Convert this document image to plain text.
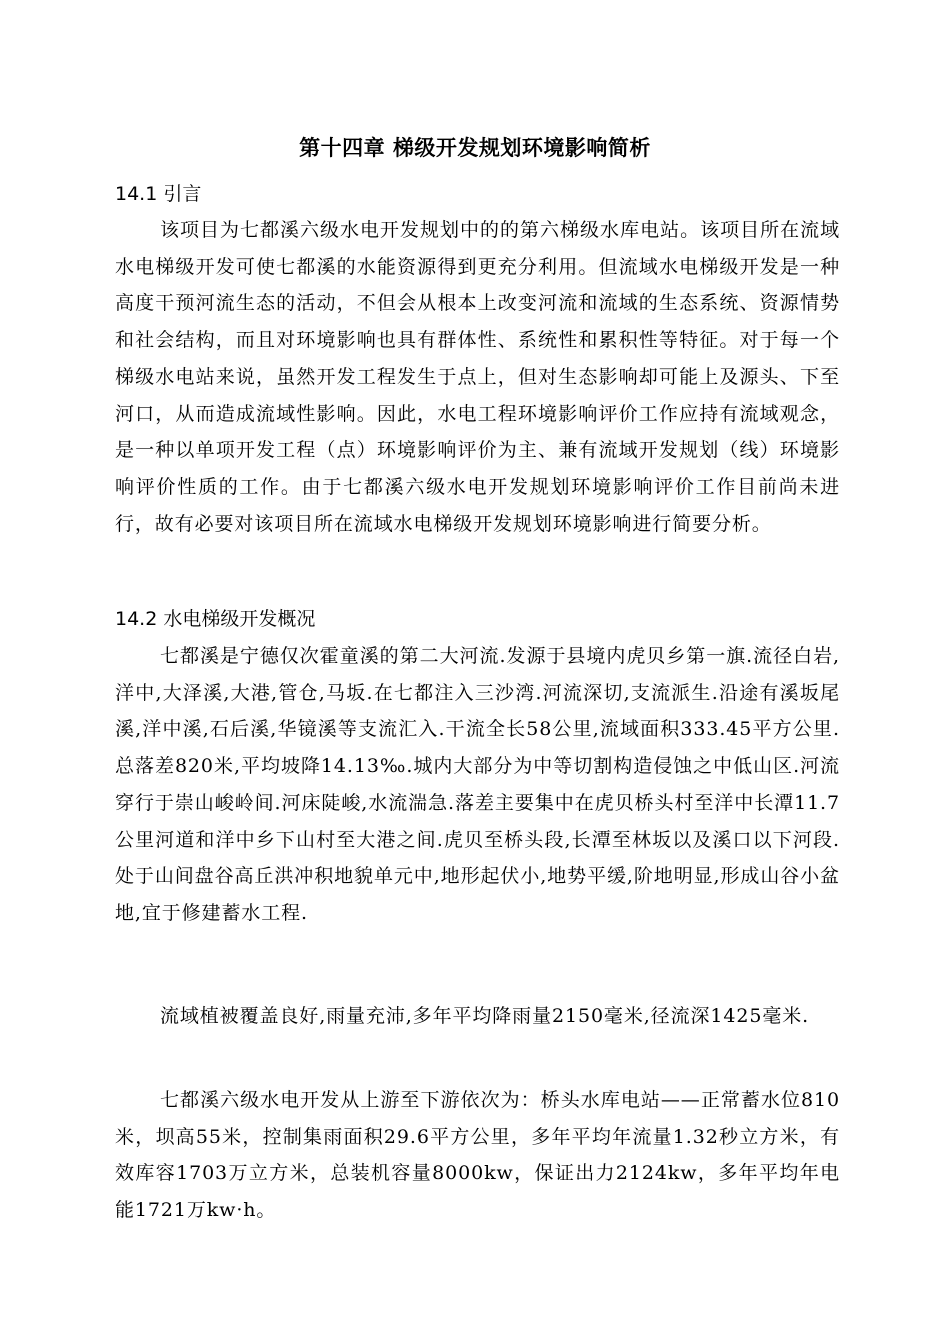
第十四章 梯级开发规划环境影响简析
14.1 引言

该项目为七都溪六级水电开发规划中的的第六梯级水库电站。该项目所在流域水电梯级开发可使七都溪的水能资源得到更充分利用。但流域水电梯级开发是一种高度干预河流生态的活动，不但会从根本上改变河流和流域的生态系统、资源情势和社会结构，而且对环境影响也具有群体性、系统性和累积性等特征。对于每一个梯级水电站来说，虽然开发工程发生于点上，但对生态影响却可能上及源头、下至河口，从而造成流域性影响。因此，水电工程环境影响评价工作应持有流域观念，是一种以单项开发工程（点）环境影响评价为主、兼有流域开发规划（线）环境影响评价性质的工作。由于七都溪六级水电开发规划环境影响评价工作目前尚未进行，故有必要对该项目所在流域水电梯级开发规划环境影响进行简要分析。

14.2 水电梯级开发概况

七都溪是宁德仅次霍童溪的第二大河流.发源于县境内虎贝乡第一旗.流径白岩,洋中,大泽溪,大港,管仓,马坂.在七都注入三沙湾.河流深切,支流派生.沿途有溪坂尾溪,洋中溪,石后溪,华镜溪等支流汇入.干流全长58公里,流域面积333.45平方公里.总落差820米,平均坡降14.13‰.城内大部分为中等切割构造侵蚀之中低山区.河流穿行于崇山峻岭间.河床陡峻,水流湍急.落差主要集中在虎贝桥头村至洋中长潭11.7公里河道和洋中乡下山村至大港之间.虎贝至桥头段,长潭至林坂以及溪口以下河段.处于山间盘谷高丘洪冲积地貌单元中,地形起伏小,地势平缓,阶地明显,形成山谷小盆地,宜于修建蓄水工程.

流域植被覆盖良好,雨量充沛,多年平均降雨量2150毫米,径流深1425毫米.

七都溪六级水电开发从上游至下游依次为：桥头水库电站——正常蓄水位810米，坝高55米，控制集雨面积29.6平方公里，多年平均年流量1.32秒立方米，有效库容1703万立方米，总装机容量8000kw，保证出力2124kw，多年平均年电能1721万kw·h。
